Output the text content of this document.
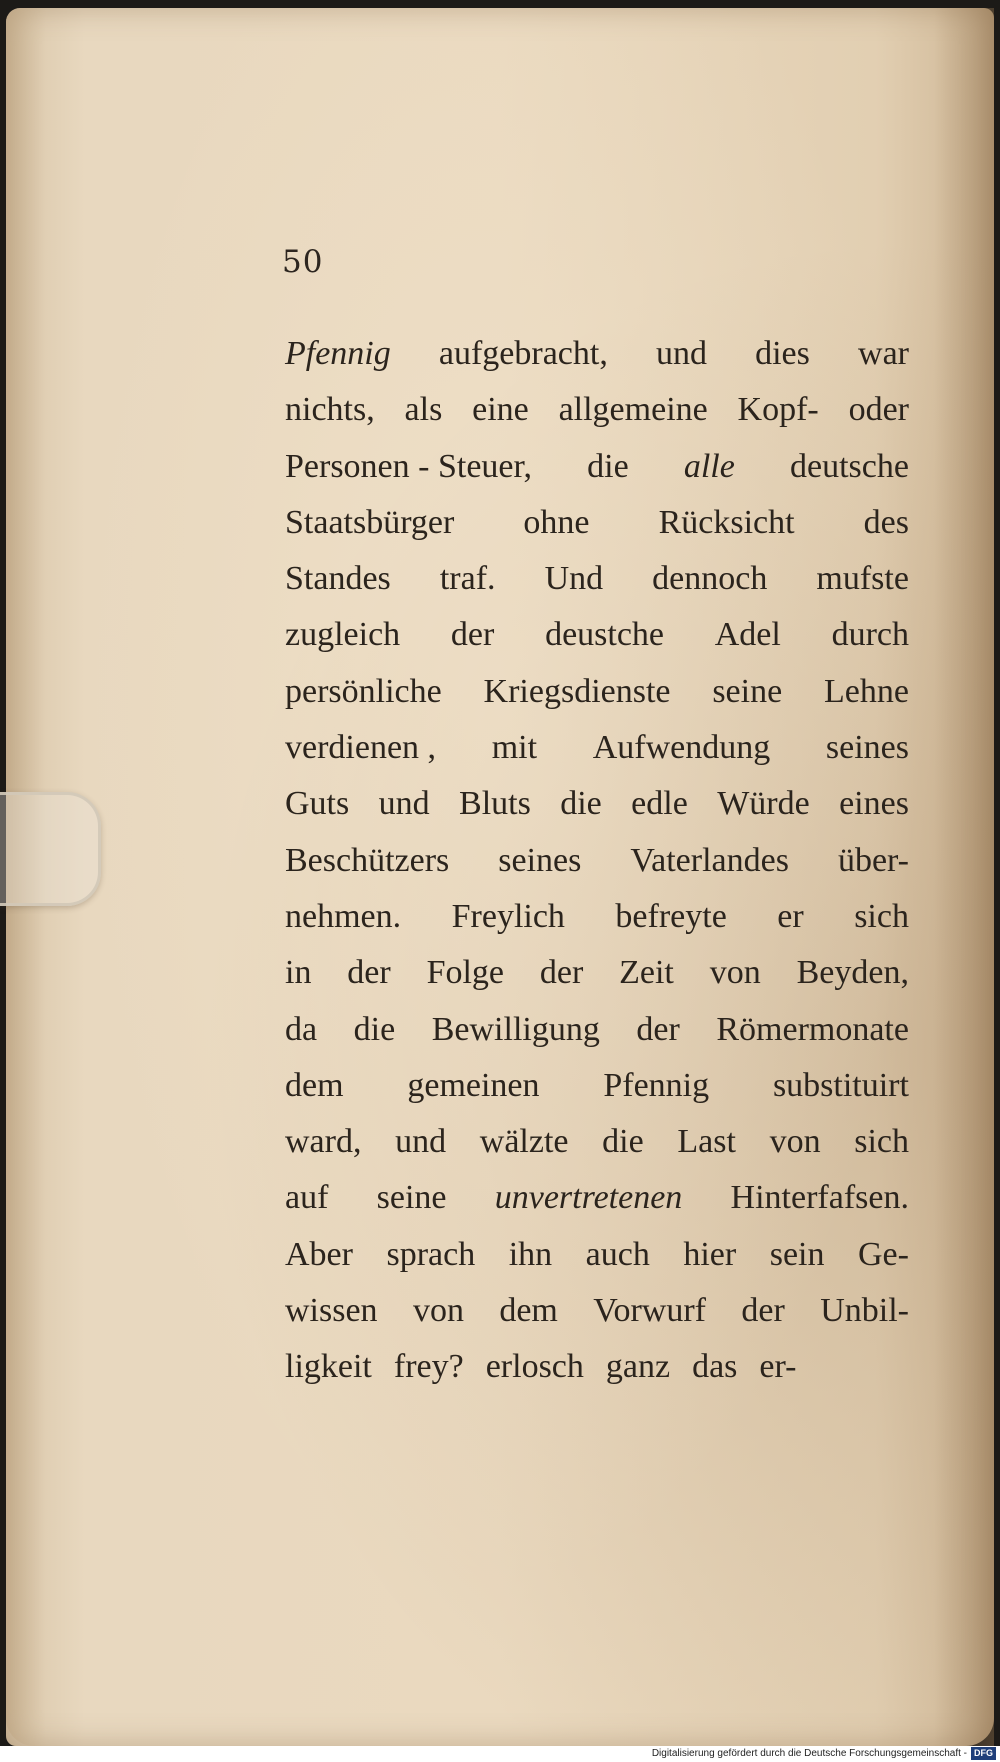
50
Pfennig aufgebracht, und dies war
nichts, als eine allgemeine Kopf- oder
Personen - Steuer, die alle deutsche
Staatsbürger ohne Rücksicht des
Standes traf. Und dennoch mufste
zugleich der deustche Adel durch
persönliche Kriegsdienste seine Lehne
verdienen , mit Aufwendung seines
Guts und Bluts die edle Würde eines
Beschützers seines Vaterlandes über-
nehmen. Freylich befreyte er sich
in der Folge der Zeit von Beyden,
da die Bewilligung der Römermonate
dem gemeinen Pfennig substituirt
ward, und wälzte die Last von sich
auf seine unvertretenen Hinterfafsen.
Aber sprach ihn auch hier sein Ge-
wissen von dem Vorwurf der Unbil-
ligkeit frey? erlosch ganz das er-
Digitalisierung gefördert durch die Deutsche Forschungsgemeinschaft - DFG
